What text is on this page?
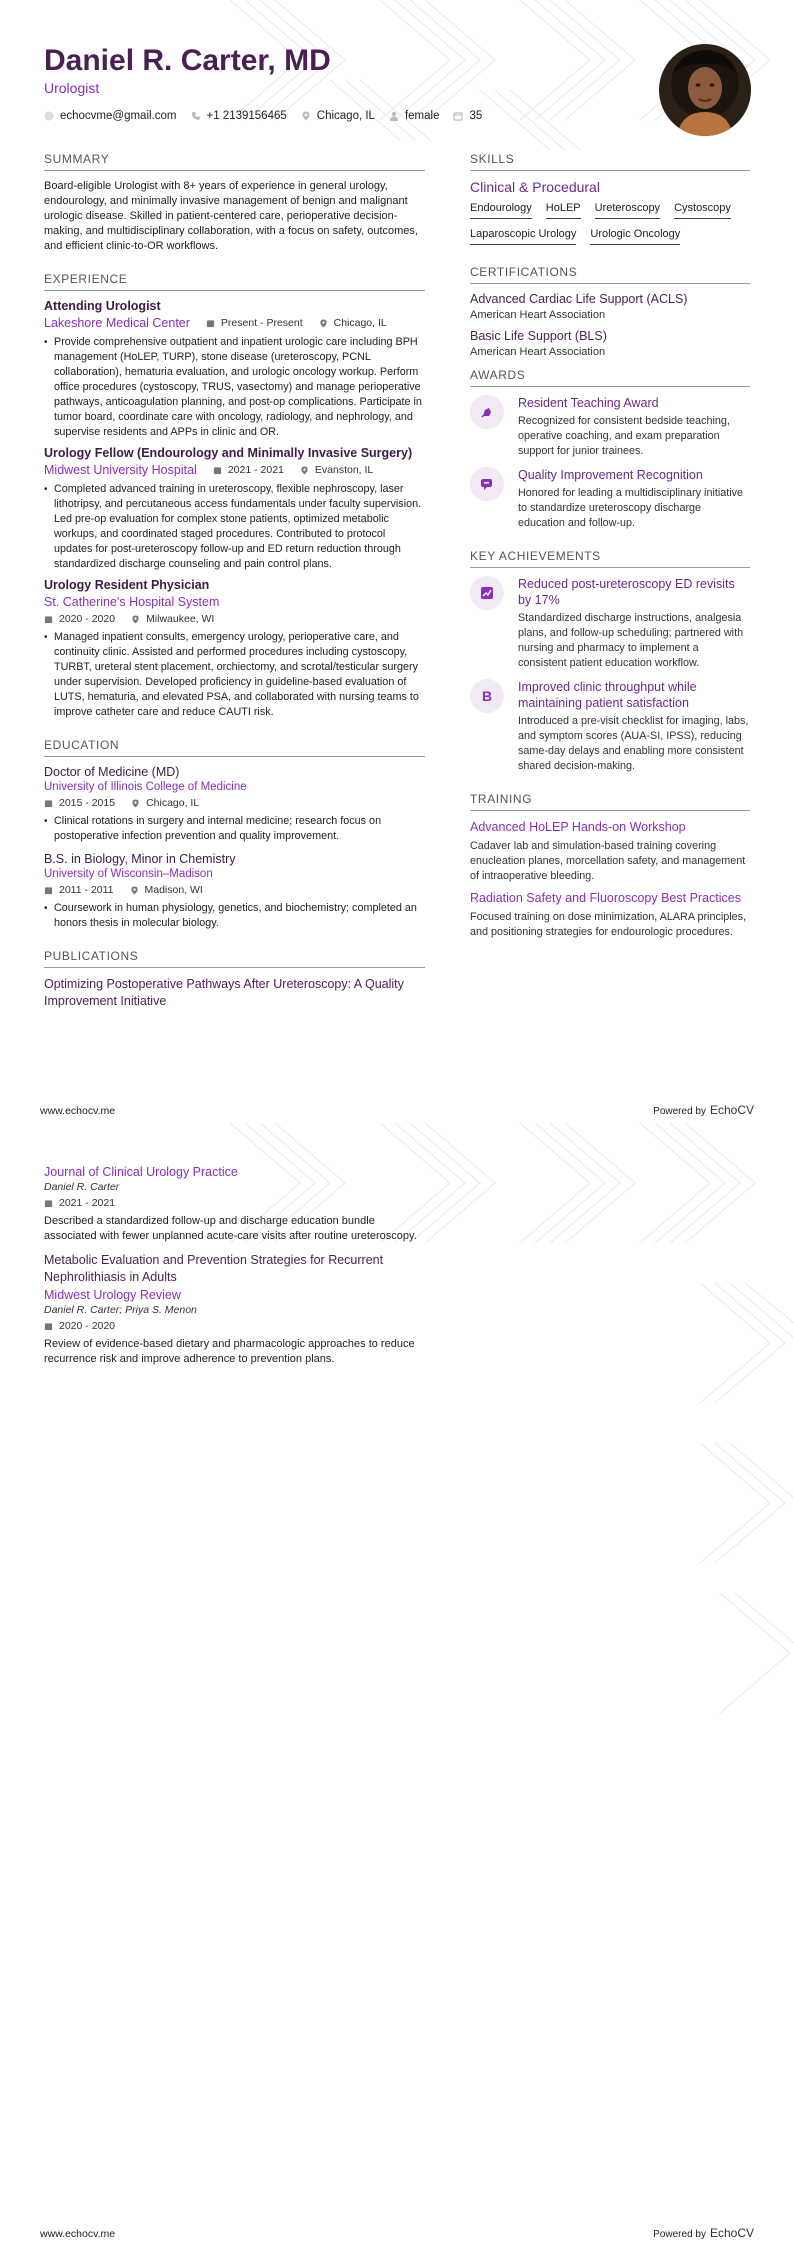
Daniel R. Carter, MD
Urologist
echocvme@gmail.com	+1 2139156465	Chicago, IL	female	35
SUMMARY
Board-eligible Urologist with 8+ years of experience in general urology, endourology, and minimally invasive management of benign and malignant urologic disease. Skilled in patient-centered care, perioperative decision-making, and multidisciplinary collaboration, with a focus on safety, outcomes, and efficient clinic-to-OR workflows.
EXPERIENCE
Attending Urologist
Lakeshore Medical Center	Present - Present	Chicago, IL
• Provide comprehensive outpatient and inpatient urologic care including BPH management (HoLEP, TURP), stone disease (ureteroscopy, PCNL collaboration), hematuria evaluation, and urologic oncology workup. Perform office procedures (cystoscopy, TRUS, vasectomy) and manage perioperative pathways, anticoagulation planning, and post-op complications. Participate in tumor board, coordinate care with oncology, radiology, and nephrology, and supervise residents and APPs in clinic and OR.
Urology Fellow (Endourology and Minimally Invasive Surgery)
Midwest University Hospital	2021 - 2021	Evanston, IL
• Completed advanced training in ureteroscopy, flexible nephroscopy, laser lithotripsy, and percutaneous access fundamentals under faculty supervision. Led pre-op evaluation for complex stone patients, optimized metabolic workups, and coordinated staged procedures. Contributed to protocol updates for post-ureteroscopy follow-up and ED return reduction through standardized discharge counseling and pain control plans.
Urology Resident Physician
St. Catherine's Hospital System
2020 - 2020	Milwaukee, WI
• Managed inpatient consults, emergency urology, perioperative care, and continuity clinic. Assisted and performed procedures including cystoscopy, TURBT, ureteral stent placement, orchiectomy, and scrotal/testicular surgery under supervision. Developed proficiency in guideline-based evaluation of LUTS, hematuria, and elevated PSA, and collaborated with nursing teams to improve catheter care and reduce CAUTI risk.
EDUCATION
Doctor of Medicine (MD)
University of Illinois College of Medicine
2015 - 2015	Chicago, IL
• Clinical rotations in surgery and internal medicine; research focus on postoperative infection prevention and quality improvement.
B.S. in Biology, Minor in Chemistry
University of Wisconsin–Madison
2011 - 2011	Madison, WI
• Coursework in human physiology, genetics, and biochemistry; completed an honors thesis in molecular biology.
PUBLICATIONS
Optimizing Postoperative Pathways After Ureteroscopy: A Quality Improvement Initiative
SKILLS
Clinical & Procedural
Endourology HoLEP Ureteroscopy Cystoscopy
Laparoscopic Urology Urologic Oncology
CERTIFICATIONS
Advanced Cardiac Life Support (ACLS)
American Heart Association
Basic Life Support (BLS)
American Heart Association
AWARDS
Resident Teaching Award
Recognized for consistent bedside teaching, operative coaching, and exam preparation support for junior trainees.
Quality Improvement Recognition
Honored for leading a multidisciplinary initiative to standardize ureteroscopy discharge education and follow-up.
KEY ACHIEVEMENTS
Reduced post-ureteroscopy ED revisits by 17%
Standardized discharge instructions, analgesia plans, and follow-up scheduling; partnered with nursing and pharmacy to implement a consistent patient education workflow.
B
Improved clinic throughput while maintaining patient satisfaction
Introduced a pre-visit checklist for imaging, labs, and symptom scores (AUA-SI, IPSS), reducing same-day delays and enabling more consistent shared decision-making.
TRAINING
Advanced HoLEP Hands-on Workshop
Cadaver lab and simulation-based training covering enucleation planes, morcellation safety, and management of intraoperative bleeding.
Radiation Safety and Fluoroscopy Best Practices
Focused training on dose minimization, ALARA principles, and positioning strategies for endourologic procedures.
www.echocv.me	Powered by EchoCV
Journal of Clinical Urology Practice
Daniel R. Carter
2021 - 2021
Described a standardized follow-up and discharge education bundle associated with fewer unplanned acute-care visits after routine ureteroscopy.
Metabolic Evaluation and Prevention Strategies for Recurrent Nephrolithiasis in Adults
Midwest Urology Review
Daniel R. Carter; Priya S. Menon
2020 - 2020
Review of evidence-based dietary and pharmacologic approaches to reduce recurrence risk and improve adherence to prevention plans.
www.echocv.me	Powered by EchoCV
